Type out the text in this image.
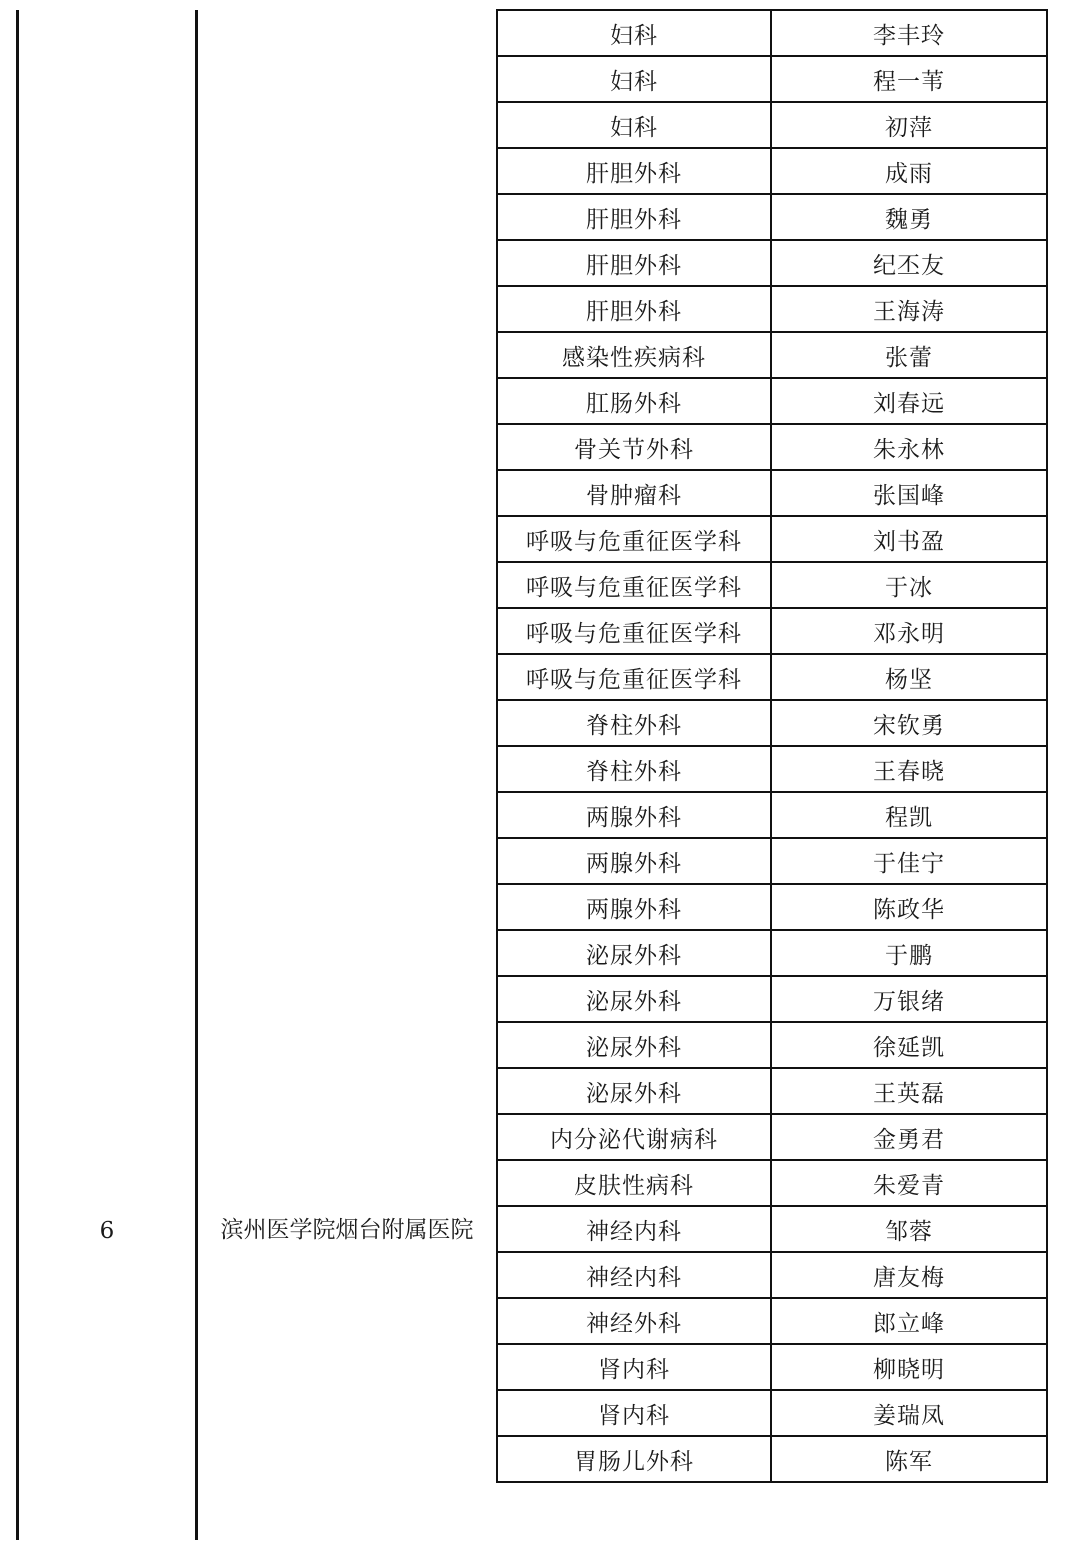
6	滨州医学院烟台附属医院
妇科	李丰玲
妇科	程一苇
妇科	初萍
肝胆外科	成雨
肝胆外科	魏勇
肝胆外科	纪丕友
肝胆外科	王海涛
感染性疾病科	张蕾
肛肠外科	刘春远
骨关节外科	朱永林
骨肿瘤科	张国峰
呼吸与危重征医学科	刘书盈
呼吸与危重征医学科	于冰
呼吸与危重征医学科	邓永明
呼吸与危重征医学科	杨坚
脊柱外科	宋钦勇
脊柱外科	王春晓
两腺外科	程凯
两腺外科	于佳宁
两腺外科	陈政华
泌尿外科	于鹏
泌尿外科	万银绪
泌尿外科	徐延凯
泌尿外科	王英磊
内分泌代谢病科	金勇君
皮肤性病科	朱爱青
神经内科	邹蓉
神经内科	唐友梅
神经外科	郎立峰
肾内科	柳晓明
肾内科	姜瑞凤
胃肠儿外科	陈军
